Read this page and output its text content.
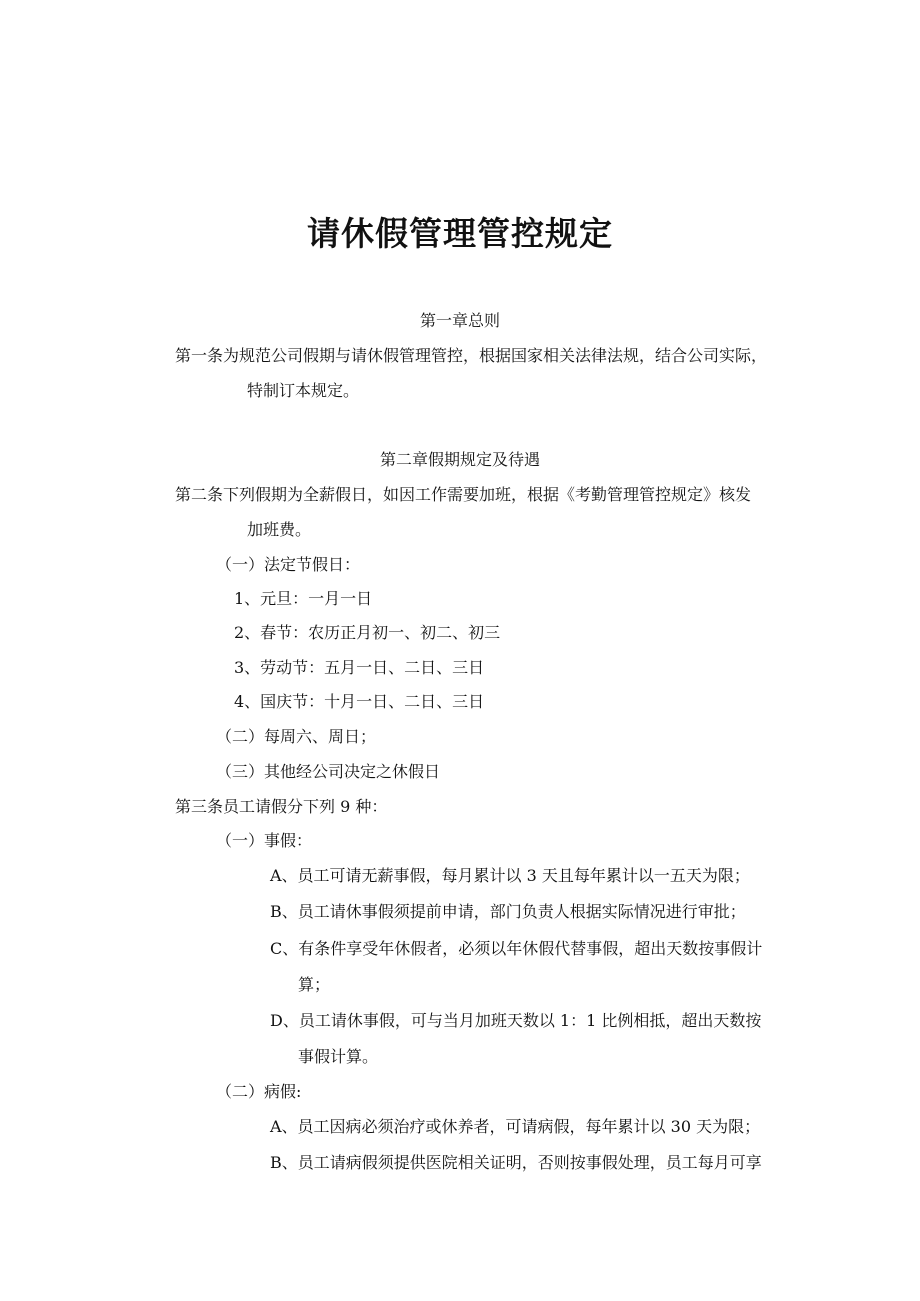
请休假管理管控规定

第一章总则

第一条为规范公司假期与请休假管理管控，根据国家相关法律法规，结合公司实际，

特制订本规定。

第二章假期规定及待遇

第二条下列假期为全薪假日，如因工作需要加班，根据《考勤管理管控规定》核发

加班费。

（一）法定节假日：

1、元旦：一月一日

2、春节：农历正月初一、初二、初三

3、劳动节：五月一日、二日、三日

4、国庆节：十月一日、二日、三日

（二）每周六、周日；

（三）其他经公司决定之休假日

第三条员工请假分下列 9 种：

（一）事假：

A、员工可请无薪事假，每月累计以 3 天且每年累计以一五天为限；

B、员工请休事假须提前申请，部门负责人根据实际情况进行审批；

C、有条件享受年休假者，必须以年休假代替事假，超出天数按事假计

算；

D、员工请休事假，可与当月加班天数以 1：1 比例相抵，超出天数按

事假计算。

（二）病假:

A、员工因病必须治疗或休养者，可请病假，每年累计以 30 天为限；

B、员工请病假须提供医院相关证明，否则按事假处理，员工每月可享
